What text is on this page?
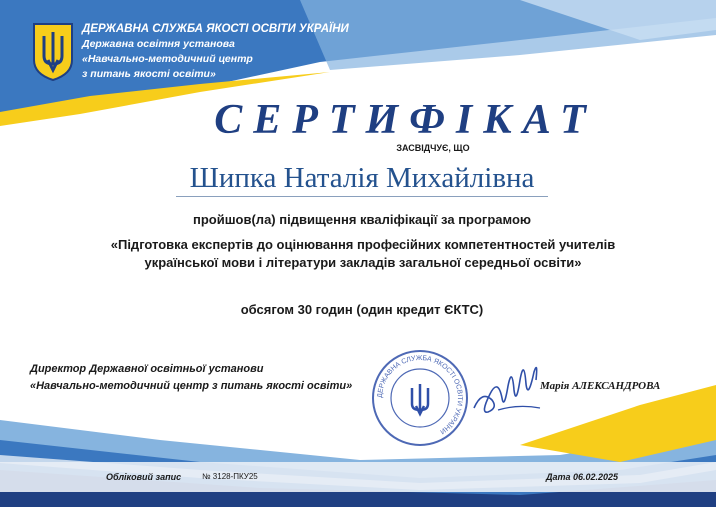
ДЕРЖАВНА СЛУЖБА ЯКОСТІ ОСВІТИ УКРАЇНИ
Державна освітня установа
«Навчально-методичний центр
з питань якості освіти»
СЕРТИФІКАТ
ЗАСВІДЧУЄ, ЩО
Шипка Наталія Михайлівна
пройшов(ла) підвищення кваліфікації за програмою
«Підготовка експертів до оцінювання професійних компетентностей учителів
української мови і літератури закладів загальної середньої освіти»
обсягом 30 годин (один кредит ЄКТС)
Директор Державної освітньої установи
«Навчально-методичний центр з питань якості освіти»
ДЕРЖАВНА СЛУЖБА ЯКОСТІ ОСВІТИ УКРАЇНИ
Марія АЛЕКСАНДРОВА
Обліковий запис	№ 3128-ПКУ25	Дата 06.02.2025
